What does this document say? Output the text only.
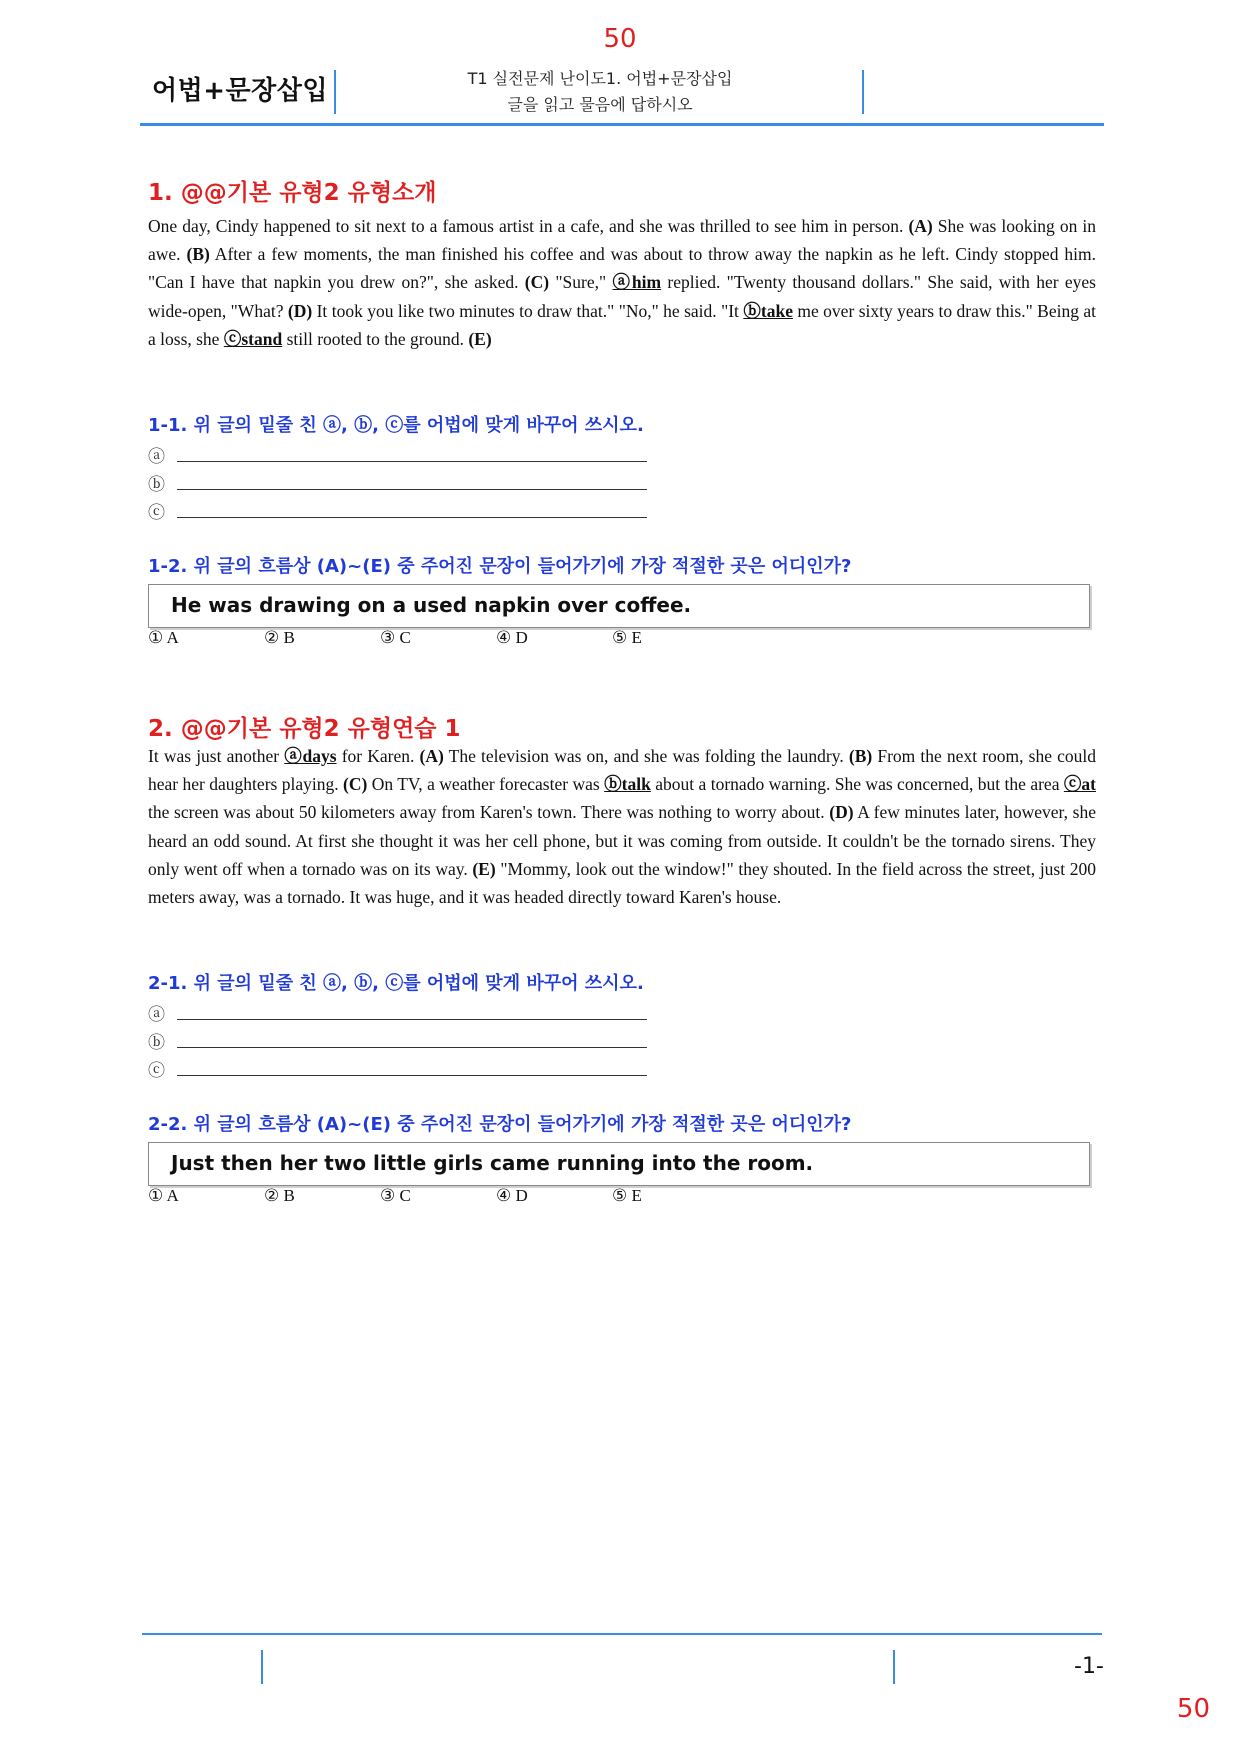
50
어법+문장삽입	T1 실전문제 난이도1. 어법+문장삽입
글을 읽고 물음에 답하시오
1. @@기본 유형2 유형소개
One day, Cindy happened to sit next to a famous artist in a cafe, and she was thrilled to see him in person. (A) She was looking on in awe. (B) After a few moments, the man finished his coffee and was about to throw away the napkin as he left. Cindy stopped him. "Can I have that napkin you drew on?", she asked. (C) "Sure," ⓐhim replied. "Twenty thousand dollars." She said, with her eyes wide-open, "What? (D) It took you like two minutes to draw that." "No," he said. "It ⓑtake me over sixty years to draw this." Being at a loss, she ⓒstand still rooted to the ground. (E)
1-1. 위 글의 밑줄 친 ⓐ, ⓑ, ⓒ를 어법에 맞게 바꾸어 쓰시오.
ⓐ
ⓑ
ⓒ
1-2. 위 글의 흐름상 (A)~(E) 중 주어진 문장이 들어가기에 가장 적절한 곳은 어디인가?
He was drawing on a used napkin over coffee.
① A	② B	③ C	④ D	⑤ E
2. @@기본 유형2 유형연습 1
It was just another ⓐdays for Karen. (A) The television was on, and she was folding the laundry. (B) From the next room, she could hear her daughters playing. (C) On TV, a weather forecaster was ⓑtalk about a tornado warning. She was concerned, but the area ⓒat the screen was about 50 kilometers away from Karen's town. There was nothing to worry about. (D) A few minutes later, however, she heard an odd sound. At first she thought it was her cell phone, but it was coming from outside. It couldn't be the tornado sirens. They only went off when a tornado was on its way. (E) "Mommy, look out the window!" they shouted. In the field across the street, just 200 meters away, was a tornado. It was huge, and it was headed directly toward Karen's house.
2-1. 위 글의 밑줄 친 ⓐ, ⓑ, ⓒ를 어법에 맞게 바꾸어 쓰시오.
ⓐ
ⓑ
ⓒ
2-2. 위 글의 흐름상 (A)~(E) 중 주어진 문장이 들어가기에 가장 적절한 곳은 어디인가?
Just then her two little girls came running into the room.
① A	② B	③ C	④ D	⑤ E
-1-
50
